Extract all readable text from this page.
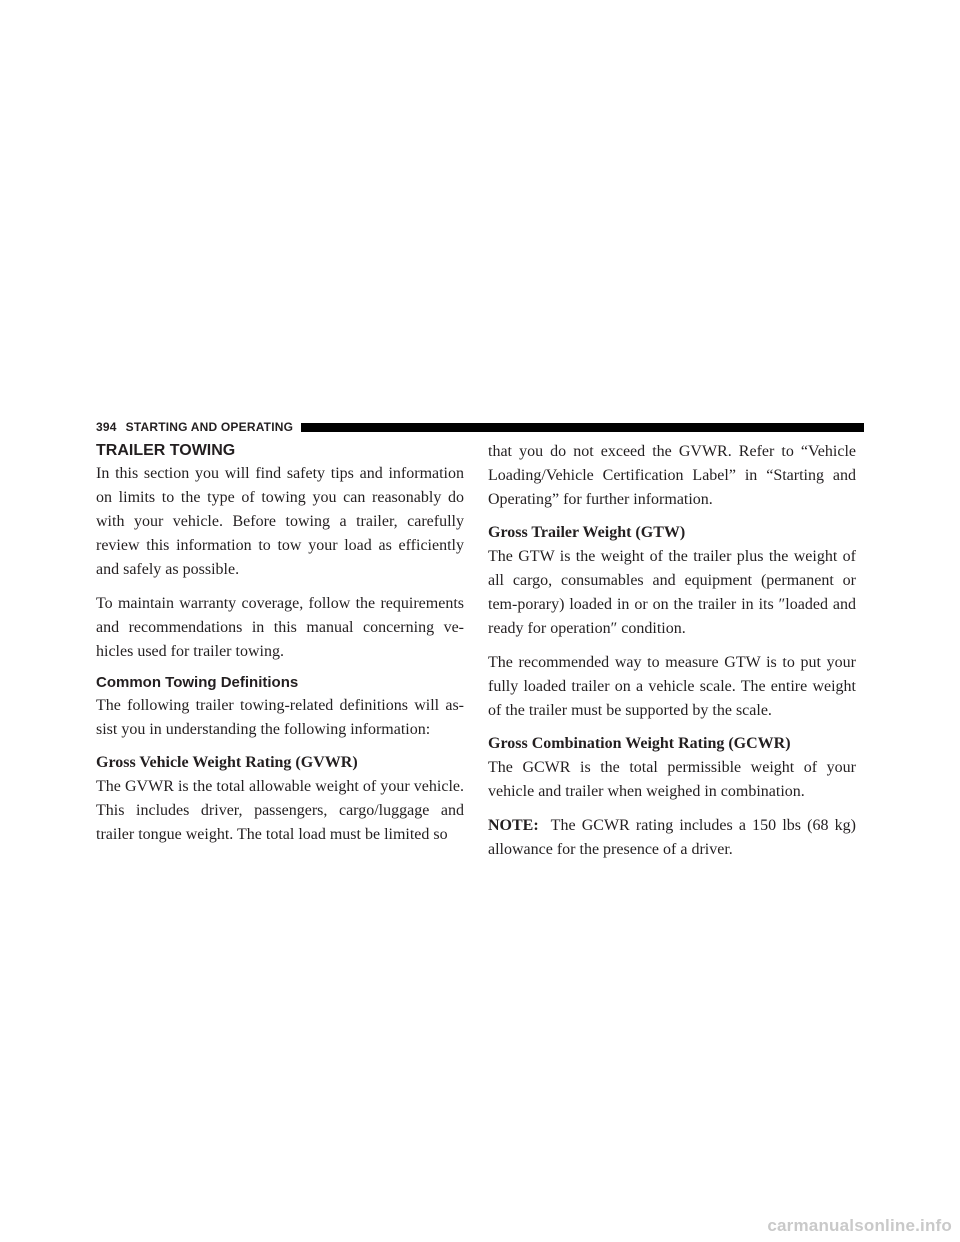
394 STARTING AND OPERATING
TRAILER TOWING

In this section you will find safety tips and information on limits to the type of towing you can reasonably do with your vehicle. Before towing a trailer, carefully review this information to tow your load as efficiently and safely as possible.

To maintain warranty coverage, follow the requirements and recommendations in this manual concerning ve-hicles used for trailer towing.

Common Towing Definitions

The following trailer towing-related definitions will as-sist you in understanding the following information:

Gross Vehicle Weight Rating (GVWR)

The GVWR is the total allowable weight of your vehicle. This includes driver, passengers, cargo/luggage and trailer tongue weight. The total load must be limited so

that you do not exceed the GVWR. Refer to “Vehicle Loading/Vehicle Certification Label” in “Starting and Operating” for further information.

Gross Trailer Weight (GTW)

The GTW is the weight of the trailer plus the weight of all cargo, consumables and equipment (permanent or tem-porary) loaded in or on the trailer in its ″loaded and ready for operation″ condition.

The recommended way to measure GTW is to put your fully loaded trailer on a vehicle scale. The entire weight of the trailer must be supported by the scale.

Gross Combination Weight Rating (GCWR)

The GCWR is the total permissible weight of your vehicle and trailer when weighed in combination.

NOTE: The GCWR rating includes a 150 lbs (68 kg) allowance for the presence of a driver.

carmanualsonline.info
